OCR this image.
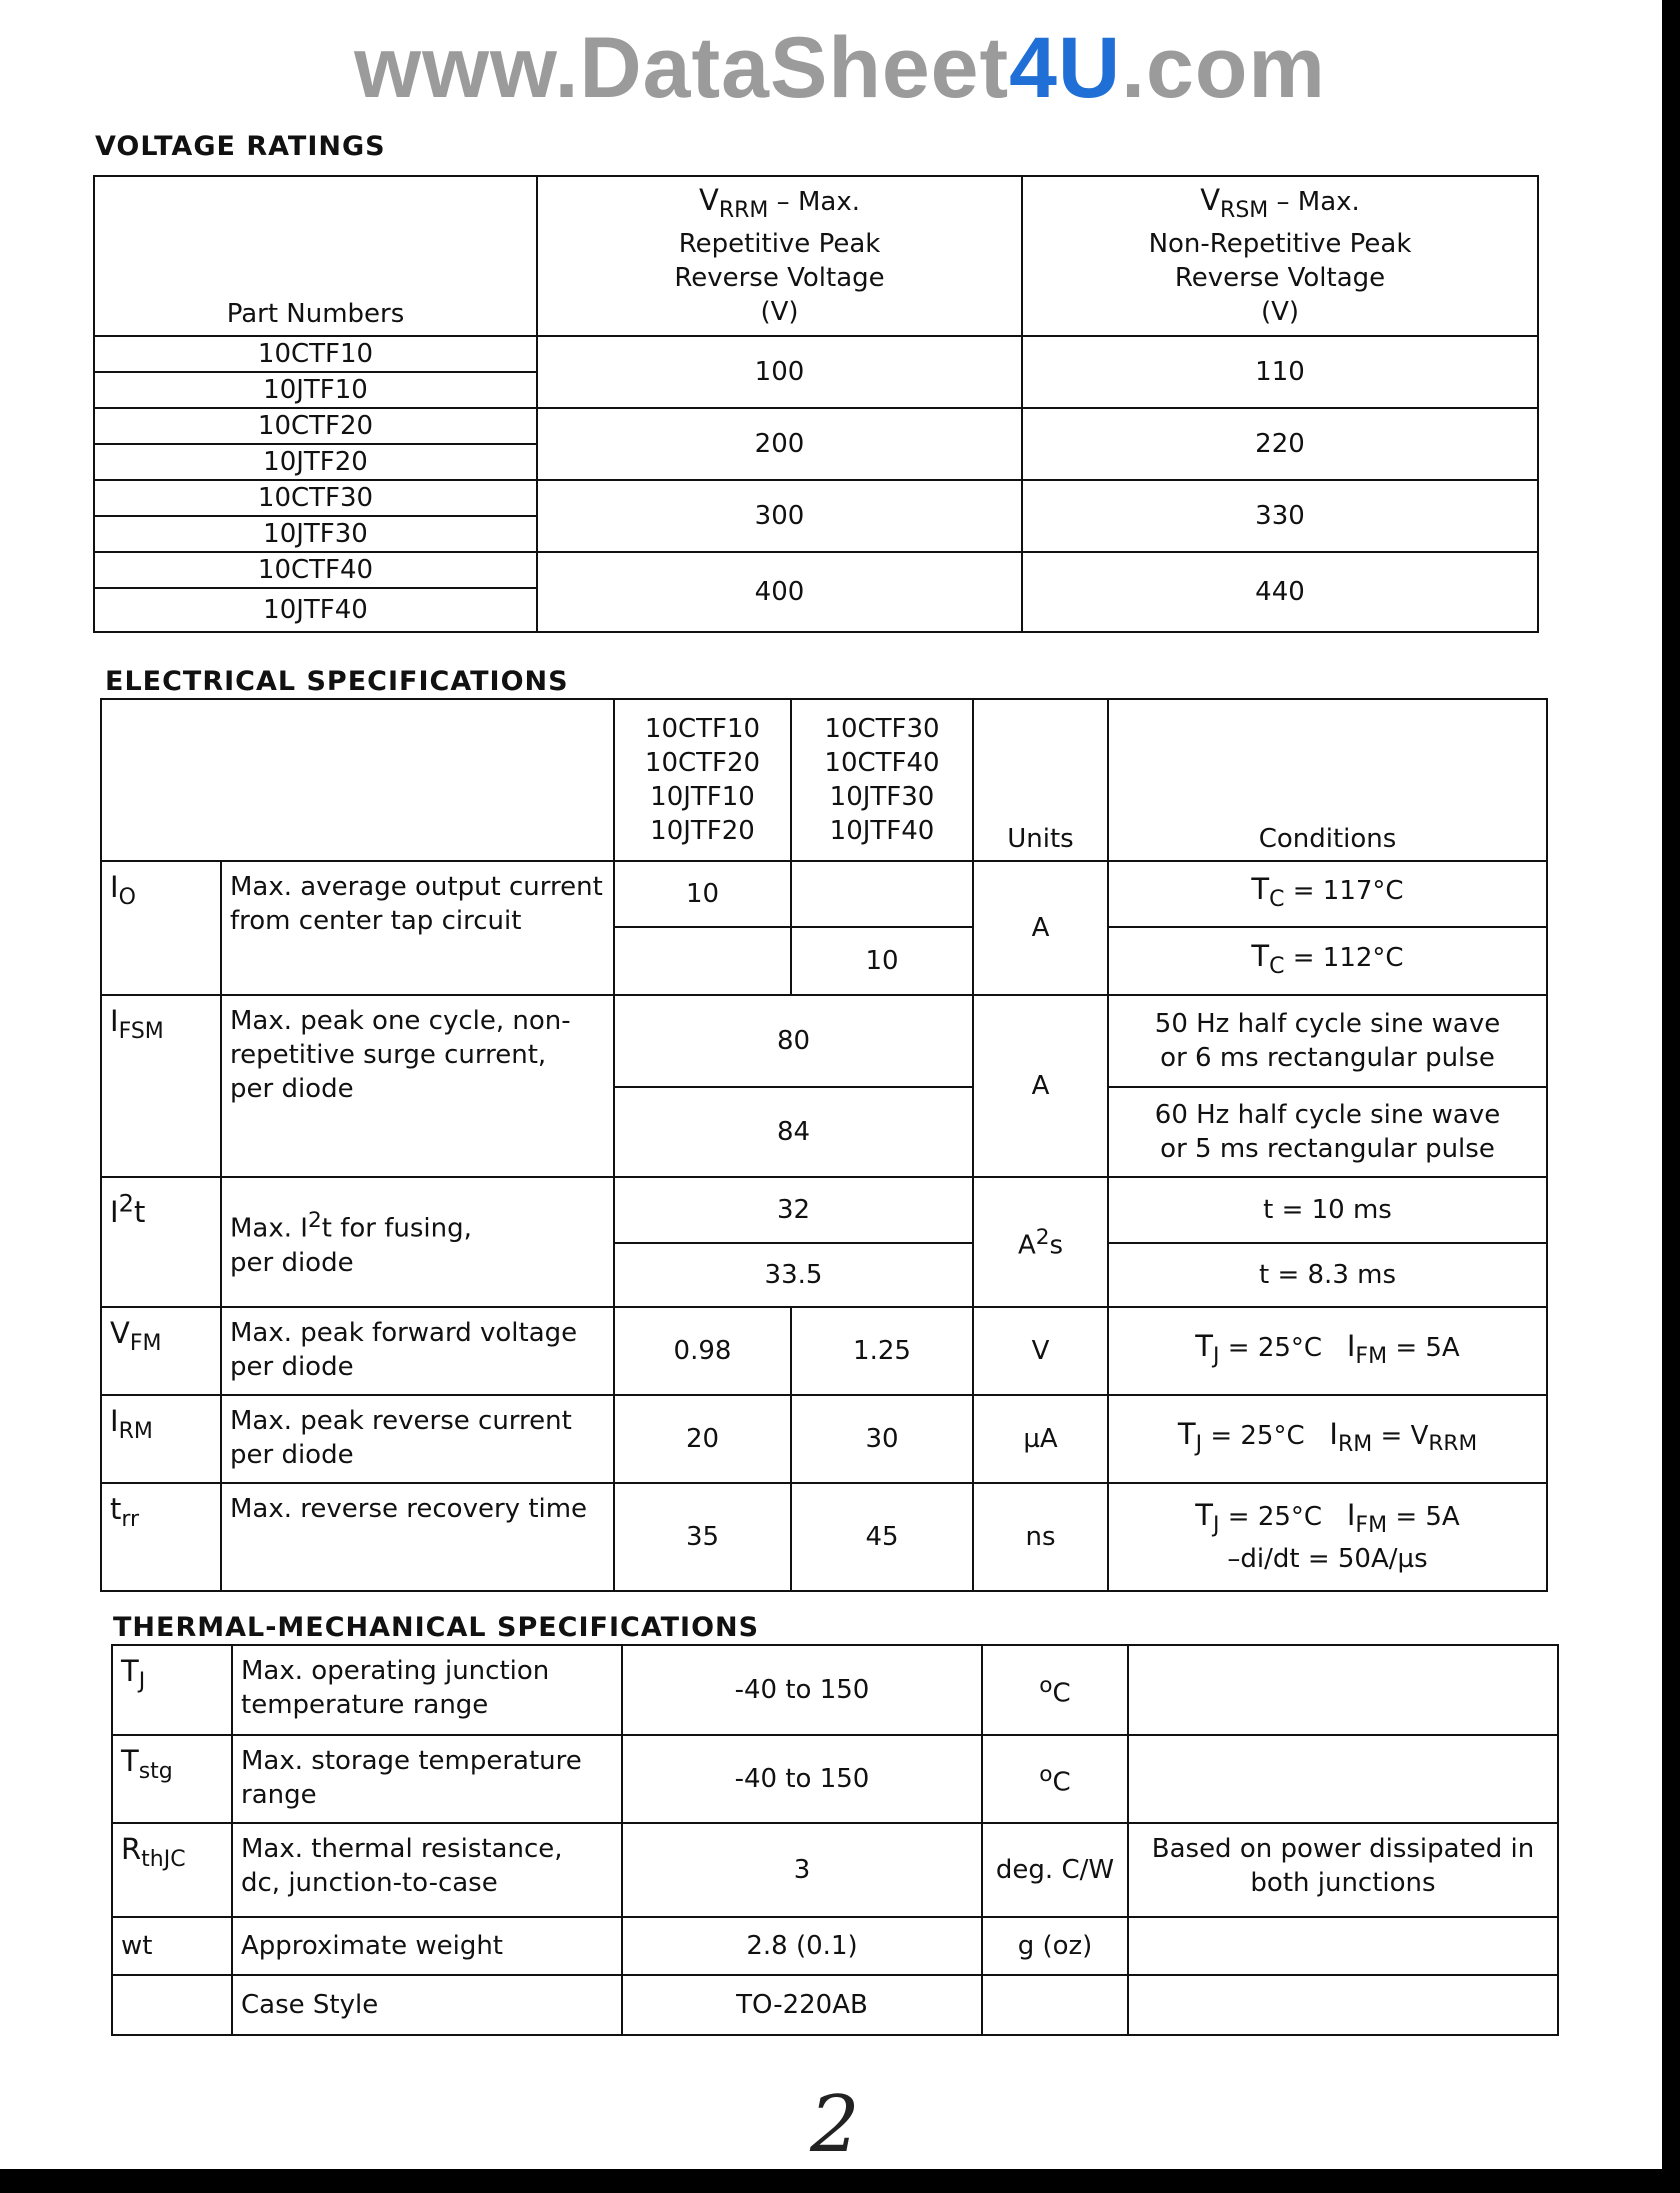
www.DataSheet4U.com
VOLTAGE RATINGS
Part Numbers	$V_{RRM}$ – Max.
Repetitive Peak
Reverse Voltage
(V)	$V_{RSM}$ – Max.
Non-Repetitive Peak
Reverse Voltage
(V)

10CTF10	100	110
10JTF10		
10CTF20	200	220
10JTF20		
10CTF30	300	330
10JTF30		
10CTF40	400	440
10JTF40		
ELECTRICAL SPECIFICATIONS

		10CTF10
10CTF20
10JTF10
10JTF20	10CTF30
10CTF40
10JTF30
10JTF40	Units	Conditions
$I_O$	Max. average output current
from center tap circuit	10		A	$T_C = 117^\circ C$
			10		$T_C = 112^\circ C$
$I_{FSM}$	Max. peak one cycle, non-
repetitive surge current,
per diode	80		A	50 Hz half cycle sine wave
or 6 ms rectangular pulse

		84			60 Hz half cycle sine wave
or 5 ms rectangular pulse

$I^2t$	Max. $I^2t$ for fusing,
per diode	32		$A^2s$	t = 10 ms
		33.5			t = 8.3 ms
$V_{FM}$	Max. peak forward voltage
per diode	0.98	1.25	V	$T_J = 25^\circ C$ $I_{FM} = 5A$
$I_{RM}$	Max. peak reverse current
per diode	20	30	µA	$T_J = 25^\circ C$ $I_{RM} = V_{RRM}$
$t_{rr}$	Max. reverse recovery time	35	45	ns	$T_J = 25^\circ C$ $I_{FM} = 5A$
–di/dt = 50A/µs
THERMAL-MECHANICAL SPECIFICATIONS
$T_J$	Max. operating junction
temperature range	-40 to 150	$^o$C	
$T_{stg}$	Max. storage temperature
range	-40 to 150	$^o$C	
$R_{thJC}$	Max. thermal resistance,
dc, junction-to-case	3	deg. C/W	Based on power dissipated in
both junctions

wt	Approximate weight	2.8 (0.1)	g (oz)	
	Case Style	TO-220AB		
2
